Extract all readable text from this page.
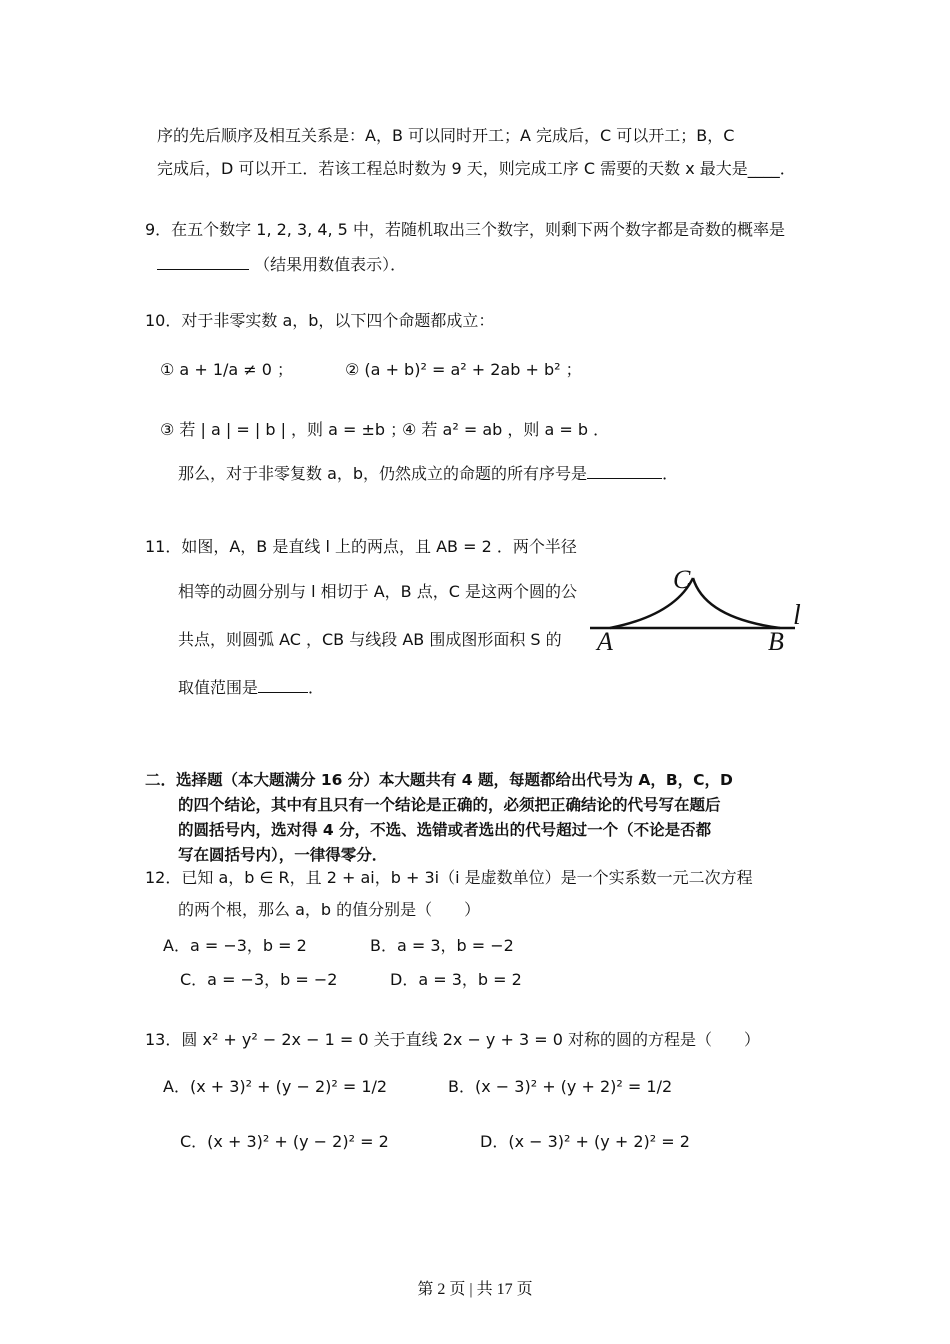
序的先后顺序及相互关系是：A，B 可以同时开工；A 完成后，C 可以开工；B，C
完成后，D 可以开工．若该工程总时数为 9 天，则完成工序 C 需要的天数 x 最大是____．
9．在五个数字 1, 2, 3, 4, 5 中，若随机取出三个数字，则剩下两个数字都是奇数的概率是
（结果用数值表示）．
10．对于非零实数 a，b，以下四个命题都成立：
① a + 1/a ≠ 0 ；	② (a + b)² = a² + 2ab + b² ；
③ 若 | a | = | b | ，则 a = ±b ；
④ 若 a² = ab ，则 a = b ．
那么，对于非零复数 a，b，仍然成立的命题的所有序号是	．
11．如图，A，B 是直线 l 上的两点，且 AB = 2 ．两个半径
相等的动圆分别与 l 相切于 A，B 点，C 是这两个圆的公
共点，则圆弧 AC ，CB 与线段 AB 围成图形面积 S 的
取值范围是	．
C
A	B
l
二．选择题（本大题满分 16 分）本大题共有 4 题，每题都给出代号为 A，B，C，D
的四个结论，其中有且只有一个结论是正确的，必须把正确结论的代号写在题后
的圆括号内，选对得 4 分，不选、选错或者选出的代号超过一个（不论是否都
写在圆括号内），一律得零分．
12．已知 a，b ∈ R，且 2 + ai，b + 3i（i 是虚数单位）是一个实系数一元二次方程
的两个根，那么 a，b 的值分别是（　　）
A．a = −3，b = 2	B．a = 3，b = −2
C．a = −3，b = −2	D．a = 3，b = 2
13．圆 x² + y² − 2x − 1 = 0 关于直线 2x − y + 3 = 0 对称的圆的方程是（　　）
A．(x + 3)² + (y − 2)² = 1/2	B．(x − 3)² + (y + 2)² = 1/2
C．(x + 3)² + (y − 2)² = 2	D．(x − 3)² + (y + 2)² = 2
第 2 页 | 共 17 页
